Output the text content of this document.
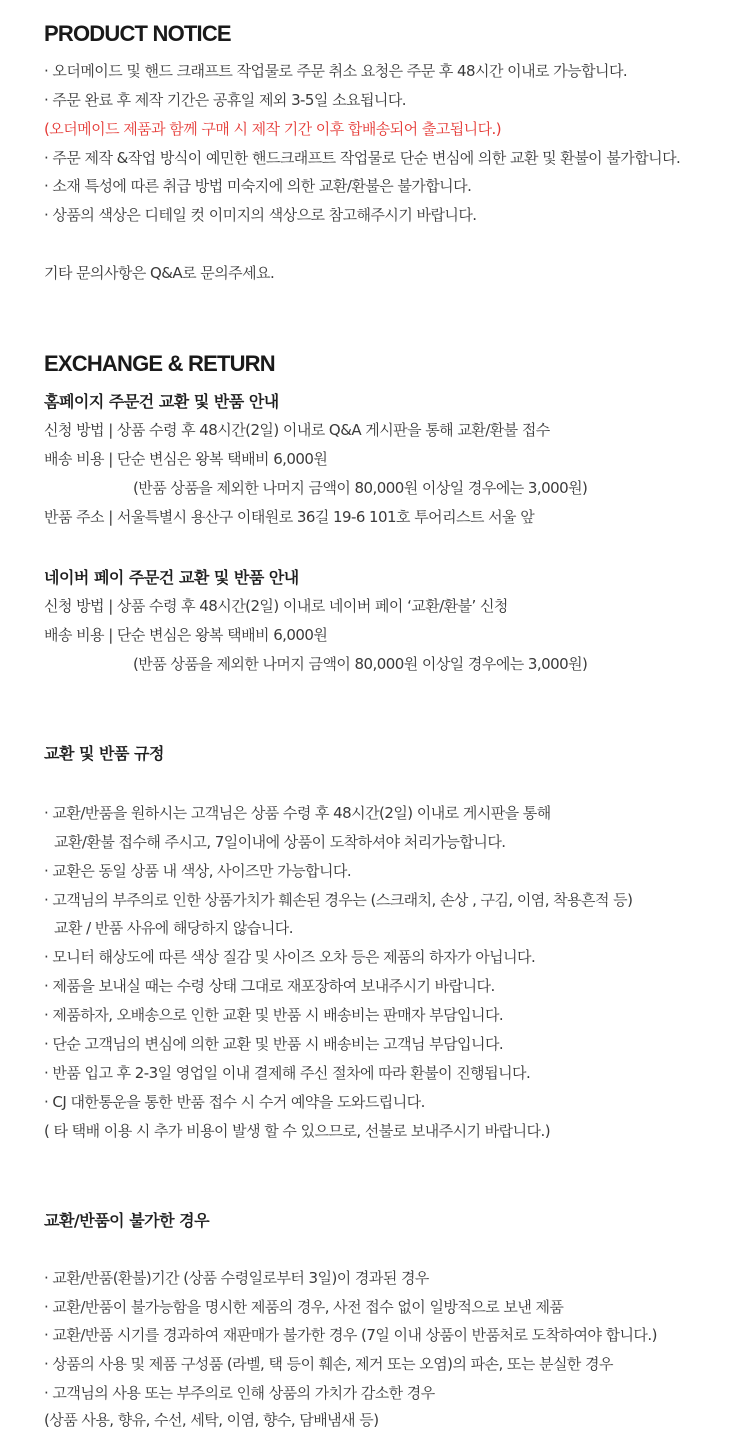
PRODUCT NOTICE
· 오더메이드 및 핸드 크래프트 작업물로 주문 취소 요청은 주문 후 48시간 이내로 가능합니다.
· 주문 완료 후 제작 기간은 공휴일 제외 3-5일 소요됩니다.
(오더메이드 제품과 함께 구매 시 제작 기간 이후 합배송되어 출고됩니다.)
· 주문 제작 &작업 방식이 예민한 핸드크래프트 작업물로 단순 변심에 의한 교환 및 환불이 불가합니다.
· 소재 특성에 따른 취급 방법 미숙지에 의한 교환/환불은 불가합니다.
· 상품의 색상은 디테일 컷 이미지의 색상으로 참고해주시기 바랍니다.
기타 문의사항은 Q&A로 문의주세요.
EXCHANGE & RETURN
홈페이지 주문건 교환 및 반품 안내
신청 방법 | 상품 수령 후 48시간(2일) 이내로 Q&A 게시판을 통해 교환/환불 접수
배송 비용 | 단순 변심은 왕복 택배비 6,000원
(반품 상품을 제외한 나머지 금액이 80,000원 이상일 경우에는 3,000원)
반품 주소 | 서울특별시 용산구 이태원로 36길 19-6 101호 투어리스트 서울 앞
네이버 페이 주문건 교환 및 반품 안내
신청 방법 | 상품 수령 후 48시간(2일) 이내로 네이버 페이 ‘교환/환불’ 신청
배송 비용 | 단순 변심은 왕복 택배비 6,000원
(반품 상품을 제외한 나머지 금액이 80,000원 이상일 경우에는 3,000원)
교환 및 반품 규정
· 교환/반품을 원하시는 고객님은 상품 수령 후 48시간(2일) 이내로 게시판을 통해
교환/환불 접수해 주시고, 7일이내에 상품이 도착하셔야 처리가능합니다.
· 교환은 동일 상품 내 색상, 사이즈만 가능합니다.
· 고객님의 부주의로 인한 상품가치가 훼손된 경우는 (스크래치, 손상 , 구김, 이염, 착용흔적 등)
교환 / 반품 사유에 해당하지 않습니다.
· 모니터 해상도에 따른 색상 질감 및 사이즈 오차 등은 제품의 하자가 아닙니다.
· 제품을 보내실 때는 수령 상태 그대로 재포장하여 보내주시기 바랍니다.
· 제품하자, 오배송으로 인한 교환 및 반품 시 배송비는 판매자 부담입니다.
· 단순 고객님의 변심에 의한 교환 및 반품 시 배송비는 고객님 부담입니다.
· 반품 입고 후 2-3일 영업일 이내 결제해 주신 절차에 따라 환불이 진행됩니다.
· CJ 대한통운을 통한 반품 접수 시 수거 예약을 도와드립니다.
( 타 택배 이용 시 추가 비용이 발생 할 수 있으므로, 선불로 보내주시기 바랍니다.)
교환/반품이 불가한 경우
· 교환/반품(환불)기간 (상품 수령일로부터 3일)이 경과된 경우
· 교환/반품이 불가능함을 명시한 제품의 경우, 사전 접수 없이 일방적으로 보낸 제품
· 교환/반품 시기를 경과하여 재판매가 불가한 경우 (7일 이내 상품이 반품처로 도착하여야 합니다.)
· 상품의 사용 및 제품 구성품 (라벨, 택 등이 훼손, 제거 또는 오염)의 파손, 또는 분실한 경우
· 고객님의 사용 또는 부주의로 인해 상품의 가치가 감소한 경우
(상품 사용, 향유, 수선, 세탁, 이염, 향수, 담배냄새 등)
